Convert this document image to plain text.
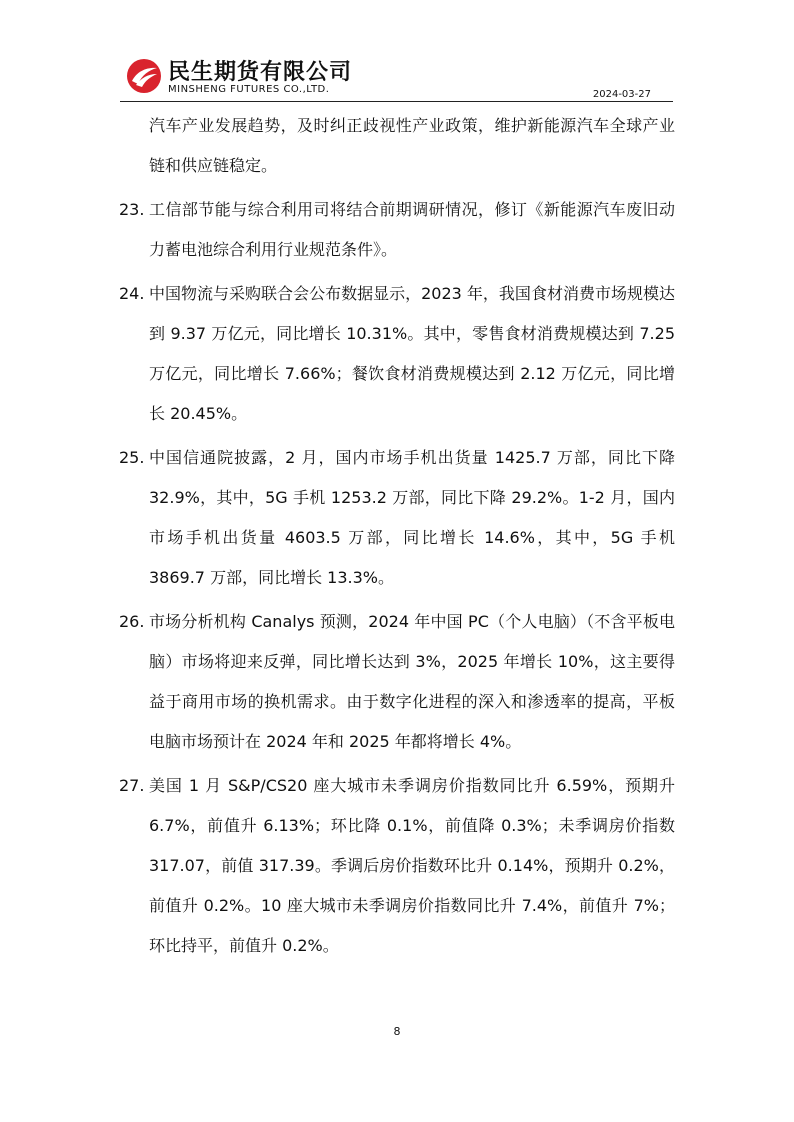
民生期货有限公司
MINSHENG FUTURES CO.,LTD.	2024-03-27
汽车产业发展趋势，及时纠正歧视性产业政策，维护新能源汽车全球产业链和供应链稳定。
23. 工信部节能与综合利用司将结合前期调研情况，修订《新能源汽车废旧动力蓄电池综合利用行业规范条件》。
24. 中国物流与采购联合会公布数据显示，2023 年，我国食材消费市场规模达到 9.37 万亿元，同比增长 10.31%。其中，零售食材消费规模达到 7.25 万亿元，同比增长 7.66%；餐饮食材消费规模达到 2.12 万亿元，同比增长 20.45%。
25. 中国信通院披露，2 月，国内市场手机出货量 1425.7 万部，同比下降 32.9%，其中，5G 手机 1253.2 万部，同比下降 29.2%。1-2 月，国内市场手机出货量 4603.5 万部，同比增长 14.6%，其中，5G 手机 3869.7 万部，同比增长 13.3%。
26. 市场分析机构 Canalys 预测，2024 年中国 PC（个人电脑）（不含平板电脑）市场将迎来反弹，同比增长达到 3%，2025 年增长 10%，这主要得益于商用市场的换机需求。由于数字化进程的深入和渗透率的提高，平板电脑市场预计在 2024 年和 2025 年都将增长 4%。
27. 美国 1 月 S&P/CS20 座大城市未季调房价指数同比升 6.59%，预期升 6.7%，前值升 6.13%；环比降 0.1%，前值降 0.3%；未季调房价指数 317.07，前值 317.39。季调后房价指数环比升 0.14%，预期升 0.2%，前值升 0.2%。10 座大城市未季调房价指数同比升 7.4%，前值升 7%；环比持平，前值升 0.2%。
8
